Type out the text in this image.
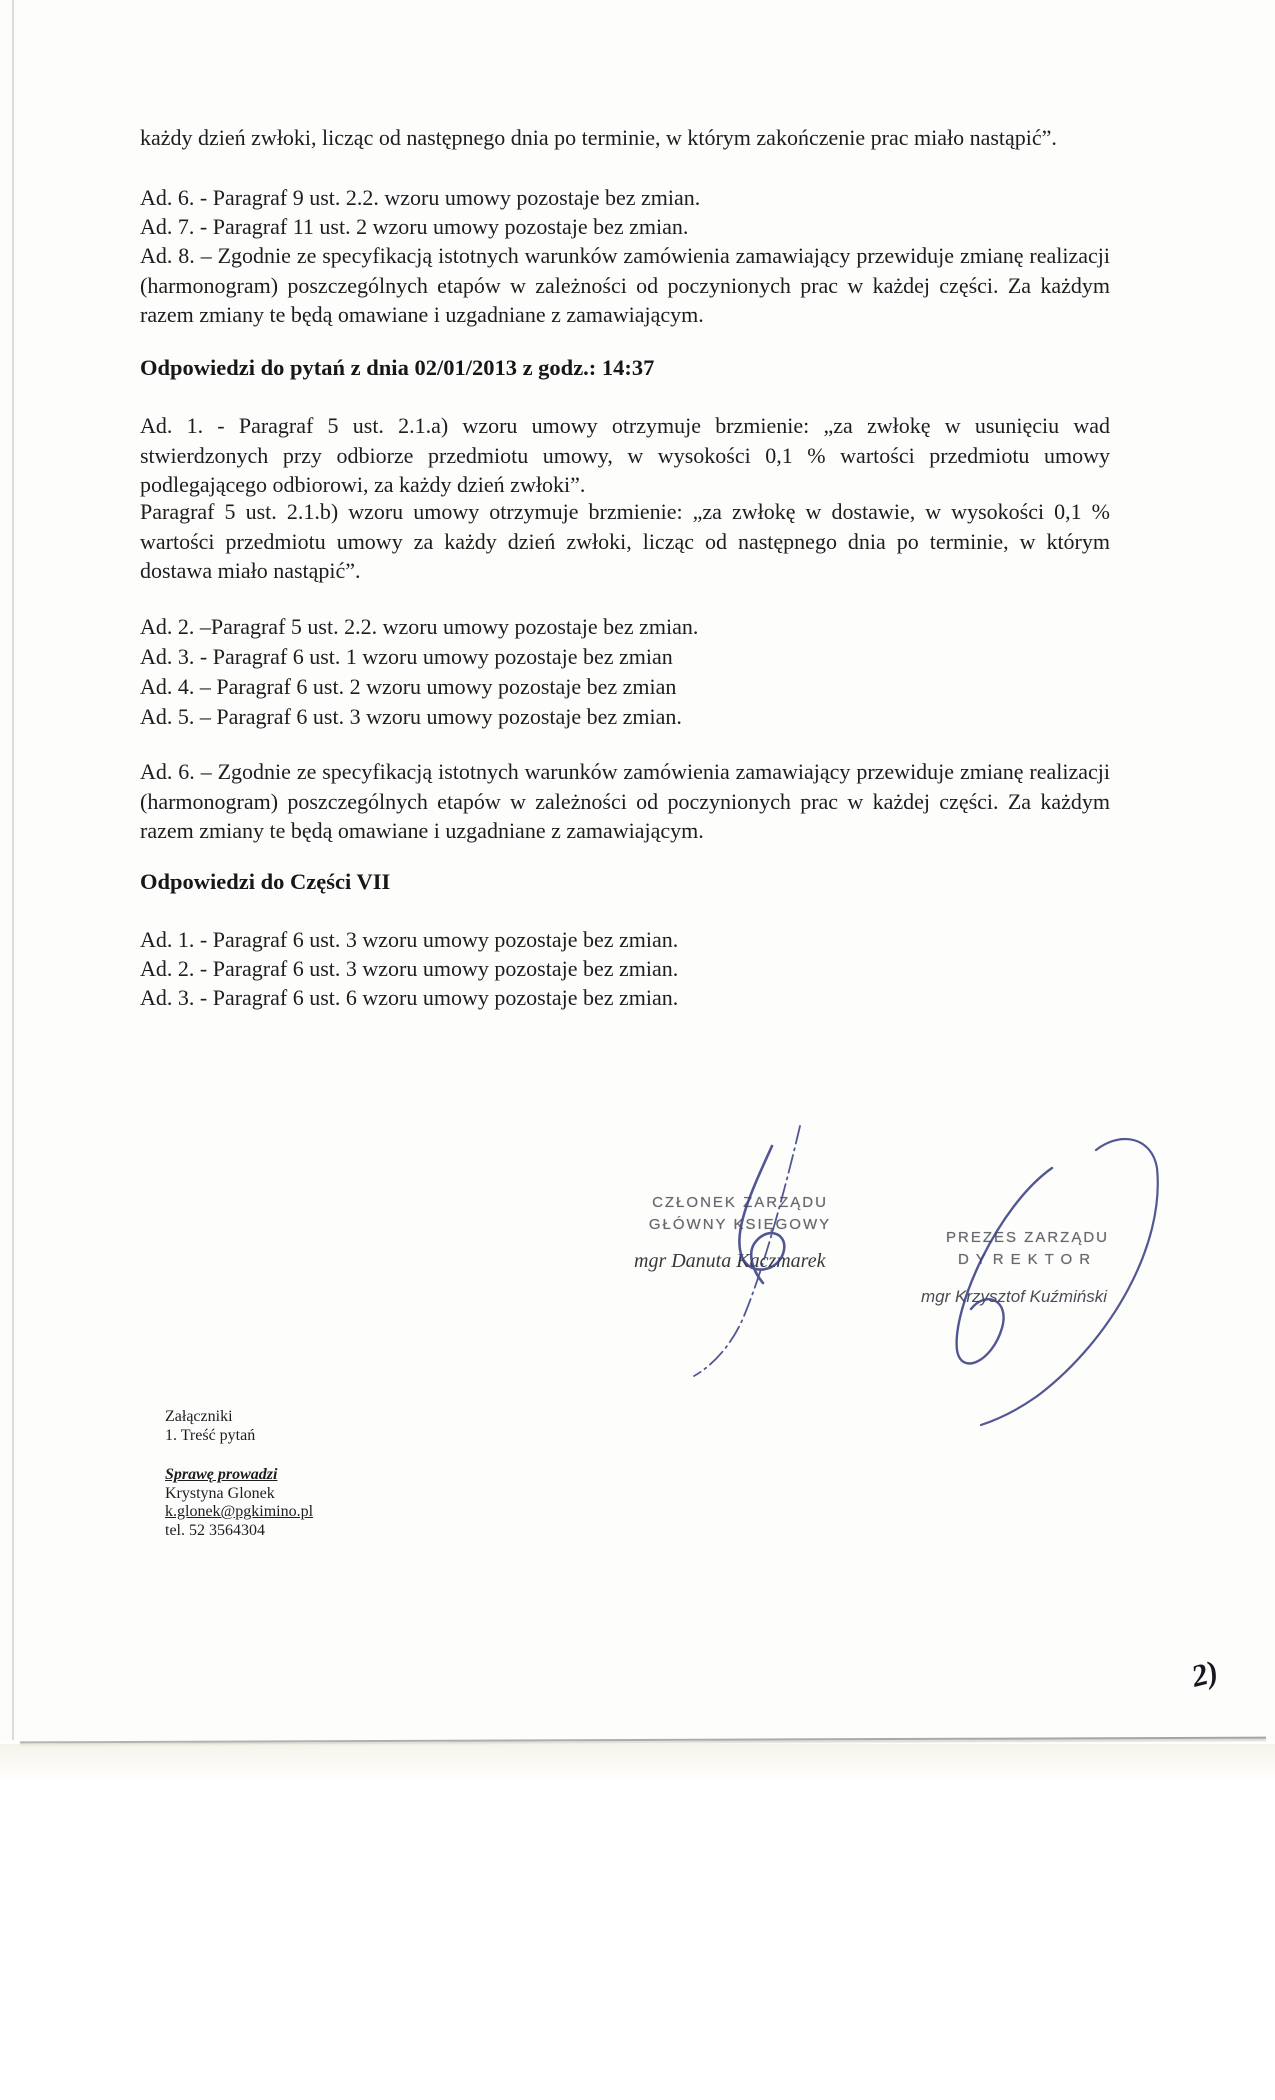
każdy dzień zwłoki, licząc od następnego dnia po terminie, w którym zakończenie prac miało nastąpić”.
Ad. 6. - Paragraf 9 ust. 2.2. wzoru umowy pozostaje bez zmian.
Ad. 7. - Paragraf 11 ust. 2 wzoru umowy pozostaje bez zmian.
Ad. 8. – Zgodnie ze specyfikacją istotnych warunków zamówienia zamawiający przewiduje zmianę realizacji (harmonogram) poszczególnych etapów w zależności od poczynionych prac w każdej części. Za każdym razem zmiany te będą omawiane i uzgadniane z zamawiającym.
Odpowiedzi do pytań z dnia 02/01/2013 z godz.: 14:37
Ad. 1. - Paragraf 5 ust. 2.1.a) wzoru umowy otrzymuje brzmienie: „za zwłokę w usunięciu wad stwierdzonych przy odbiorze przedmiotu umowy, w wysokości 0,1 % wartości przedmiotu umowy podlegającego odbiorowi, za każdy dzień zwłoki”.
Paragraf 5 ust. 2.1.b) wzoru umowy otrzymuje brzmienie: „za zwłokę w dostawie, w wysokości 0,1 % wartości przedmiotu umowy za każdy dzień zwłoki, licząc od następnego dnia po terminie, w którym dostawa miało nastąpić”.
Ad. 2. –Paragraf 5 ust. 2.2. wzoru umowy pozostaje bez zmian.
Ad. 3. - Paragraf 6 ust. 1 wzoru umowy pozostaje bez zmian
Ad. 4. – Paragraf 6 ust. 2 wzoru umowy pozostaje bez zmian
Ad. 5. – Paragraf 6 ust. 3 wzoru umowy pozostaje bez zmian.
Ad. 6. – Zgodnie ze specyfikacją istotnych warunków zamówienia zamawiający przewiduje zmianę realizacji (harmonogram) poszczególnych etapów w zależności od poczynionych prac w każdej części. Za każdym razem zmiany te będą omawiane i uzgadniane z zamawiającym.
Odpowiedzi do Części VII
Ad. 1. - Paragraf 6 ust. 3 wzoru umowy pozostaje bez zmian.
Ad. 2. - Paragraf 6 ust. 3 wzoru umowy pozostaje bez zmian.
Ad. 3. - Paragraf 6 ust. 6 wzoru umowy pozostaje bez zmian.
CZŁONEK ZARZĄDU
GŁÓWNY KSIĘGOWY
mgr Danuta Kaczmarek
PREZES ZARZĄDU
DYREKTOR
mgr Krzysztof Kuźmiński
Załączniki
1. Treść pytań
Sprawę prowadzi
Krystyna Glonek
k.glonek@pgkimino.pl
tel. 52 3564304
2)
